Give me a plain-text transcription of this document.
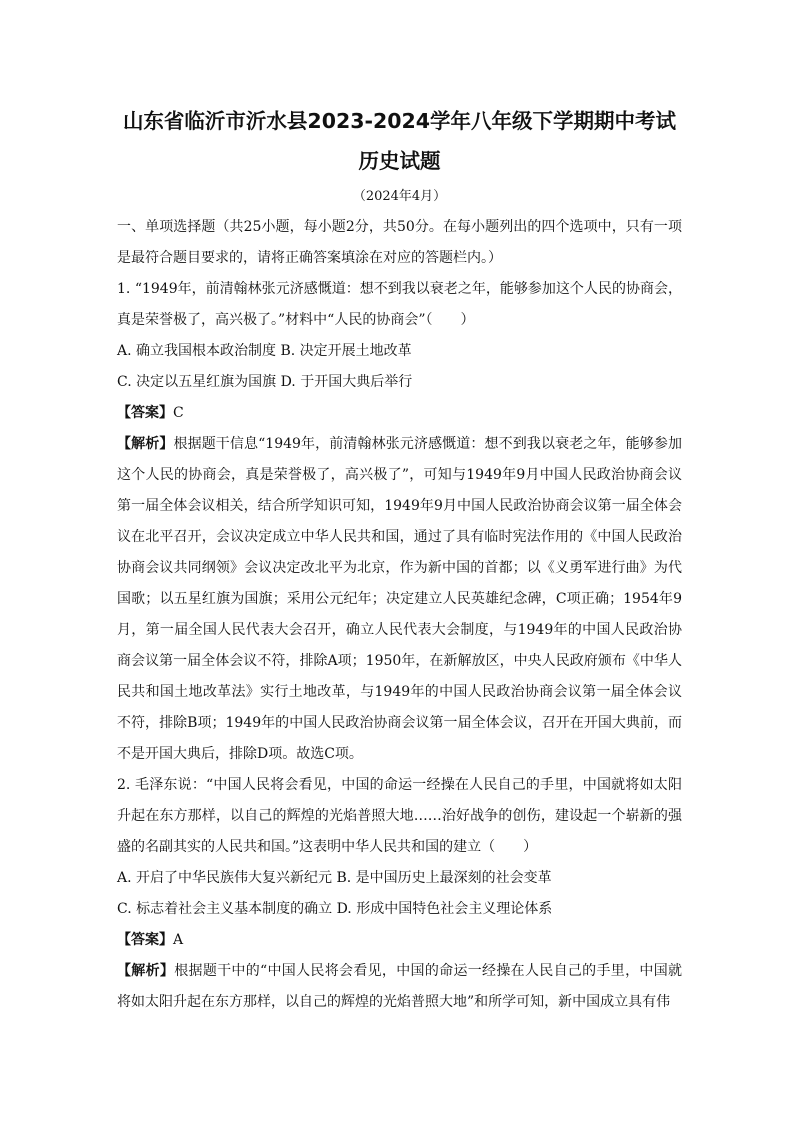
山东省临沂市沂水县2023-2024学年八年级下学期期中考试
历史试题
（2024年4月）
一、单项选择题（共25小题，每小题2分，共50分。在每小题列出的四个选项中，只有一项是最符合题目要求的，请将正确答案填涂在对应的答题栏内。）
1. “1949年，前清翰林张元济感慨道：想不到我以衰老之年，能够参加这个人民的协商会，真是荣誉极了，高兴极了。”材料中“人民的协商会”（　　）
A. 确立我国根本政治制度 B. 决定开展土地改革
C. 决定以五星红旗为国旗 D. 于开国大典后举行
【答案】C
【解析】根据题干信息“1949年，前清翰林张元济感慨道：想不到我以衰老之年，能够参加这个人民的协商会，真是荣誉极了，高兴极了”，可知与1949年9月中国人民政治协商会议第一届全体会议相关，结合所学知识可知，1949年9月中国人民政治协商会议第一届全体会议在北平召开，会议决定成立中华人民共和国，通过了具有临时宪法作用的《中国人民政治协商会议共同纲领》会议决定改北平为北京，作为新中国的首都；以《义勇军进行曲》为代国歌；以五星红旗为国旗；采用公元纪年；决定建立人民英雄纪念碑，C项正确；1954年9月，第一届全国人民代表大会召开，确立人民代表大会制度，与1949年的中国人民政治协商会议第一届全体会议不符，排除A项；1950年，在新解放区，中央人民政府颁布《中华人民共和国土地改革法》实行土地改革，与1949年的中国人民政治协商会议第一届全体会议不符，排除B项；1949年的中国人民政治协商会议第一届全体会议，召开在开国大典前，而不是开国大典后，排除D项。故选C项。
2. 毛泽东说：“中国人民将会看见，中国的命运一经操在人民自己的手里，中国就将如太阳升起在东方那样，以自己的辉煌的光焰普照大地……治好战争的创伤，建设起一个崭新的强盛的名副其实的人民共和国。”这表明中华人民共和国的建立（　　）
A. 开启了中华民族伟大复兴新纪元 B. 是中国历史上最深刻的社会变革
C. 标志着社会主义基本制度的确立 D. 形成中国特色社会主义理论体系
【答案】A
【解析】根据题干中的“中国人民将会看见，中国的命运一经操在人民自己的手里，中国就将如太阳升起在东方那样，以自己的辉煌的光焰普照大地”和所学可知，新中国成立具有伟
